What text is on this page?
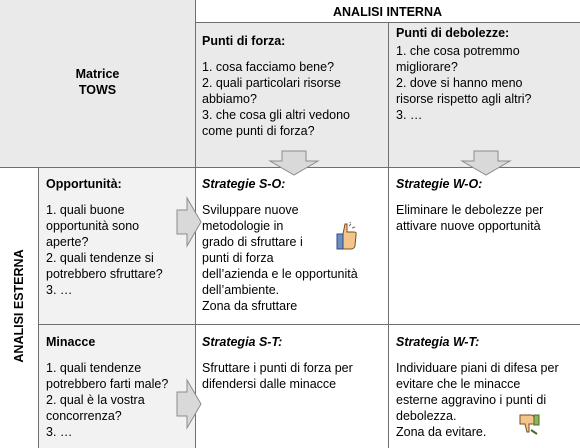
ANALISI INTERNA
Matrice
TOWS
ANALISI ESTERNA
Punti di forza:
1. cosa facciamo bene?
2. quali particolari risorse
abbiamo?
3. che cosa gli altri vedono
come punti di forza?
Punti di debolezze:
1. che cosa potremmo
migliorare?
2. dove si hanno meno
risorse rispetto agli altri?
3. …
Opportunità:
1. quali buone
opportunità sono
aperte?
2. quali tendenze si
potrebbero sfruttare?
3. …
Minacce
1. quali tendenze
potrebbero farti male?
2. qual è la vostra
concorrenza?
3. …
Strategie S-O:
Sviluppare nuove
metodologie in
grado di sfruttare i
punti di forza
dell’azienda e le opportunità
dell’ambiente.
Zona da sfruttare
Strategie W-O:
Eliminare le debolezze per
attivare nuove opportunità
Strategia S-T:
Sfruttare i punti di forza per
difendersi dalle minacce
Strategia W-T:
Individuare piani di difesa per
evitare che le minacce
esterne aggravino i punti di
debolezza.
Zona da evitare.
